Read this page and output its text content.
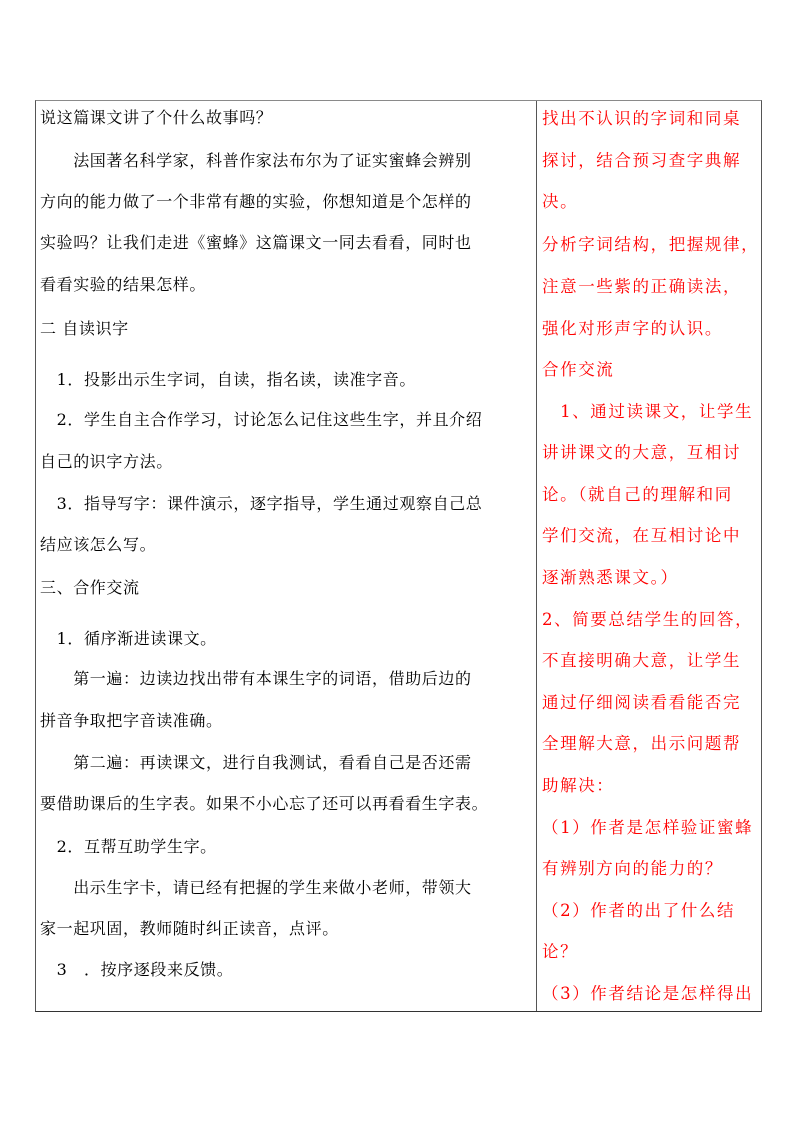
说这篇课文讲了个什么故事吗？
　　法国著名科学家，科普作家法布尔为了证实蜜蜂会辨别
方向的能力做了一个非常有趣的实验，你想知道是个怎样的
实验吗？让我们走进《蜜蜂》这篇课文一同去看看，同时也
看看实验的结果怎样。
二 自读识字
　1．投影出示生字词，自读，指名读，读准字音。
　2．学生自主合作学习，讨论怎么记住这些生字，并且介绍
自己的识字方法。
　3．指导写字：课件演示，逐字指导，学生通过观察自己总
结应该怎么写。
三、合作交流
　1．循序渐进读课文。
　　第一遍：边读边找出带有本课生字的词语，借助后边的
拼音争取把字音读准确。
　　第二遍：再读课文，进行自我测试，看看自己是否还需
要借助课后的生字表。如果不小心忘了还可以再看看生字表。
　2．互帮互助学生字。
　　出示生字卡，请已经有把握的学生来做小老师，带领大
家一起巩固，教师随时纠正读音，点评。
　3　．按序逐段来反馈。
找出不认识的字词和同桌
探讨，结合预习查字典解
决。
分析字词结构，把握规律，
注意一些紫的正确读法，
强化对形声字的认识。
合作交流
　1、通过读课文，让学生
讲讲课文的大意，互相讨
论。（就自己的理解和同
学们交流，在互相讨论中
逐渐熟悉课文。）
2、简要总结学生的回答，
不直接明确大意，让学生
通过仔细阅读看看能否完
全理解大意，出示问题帮
助解决：
（1）作者是怎样验证蜜蜂
有辨别方向的能力的？
（2）作者的出了什么结
论？
（3）作者结论是怎样得出
